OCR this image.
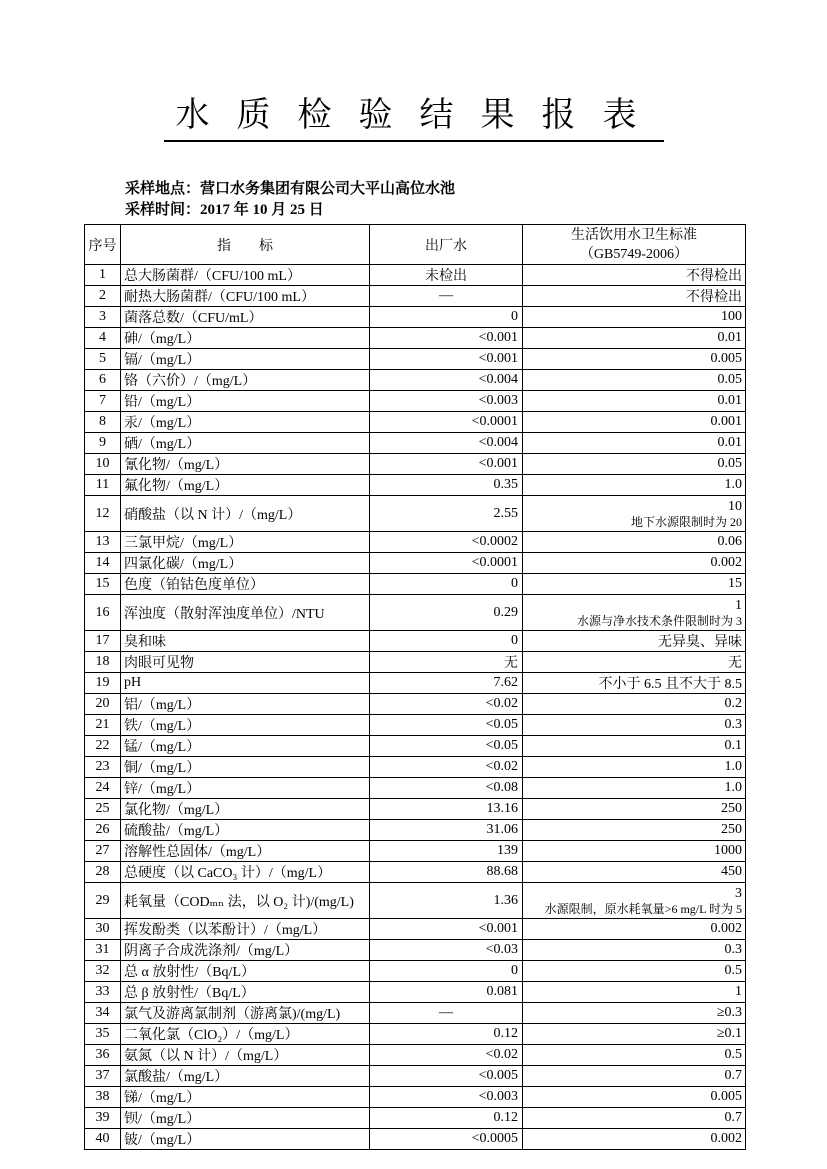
水质检验结果报表
采样地点：营口水务集团有限公司大平山高位水池
采样时间：2017 年 10 月 25 日
序号	指　　标	出厂水	生活饮用水卫生标准
（GB5749-2006）

1	总大肠菌群/（CFU/100 mL）	未检出	不得检出
2	耐热大肠菌群/（CFU/100 mL）	—	不得检出
3	菌落总数/（CFU/mL）	0	100
4	砷/（mg/L）	<0.001	0.01
5	镉/（mg/L）	<0.001	0.005
6	铬（六价）/（mg/L）	<0.004	0.05
7	铅/（mg/L）	<0.003	0.01
8	汞/（mg/L）	<0.0001	0.001
9	硒/（mg/L）	<0.004	0.01
10	氰化物/（mg/L）	<0.001	0.05
11	氟化物/（mg/L）	0.35	1.0
12	硝酸盐（以 N 计）/（mg/L）	2.55	10
地下水源限制时为 20

13	三氯甲烷/（mg/L）	<0.0002	0.06
14	四氯化碳/（mg/L）	<0.0001	0.002
15	色度（铂钴色度单位）	0	15
16	浑浊度（散射浑浊度单位）/NTU	0.29	1
水源与净水技术条件限制时为 3

17	臭和味	0	无异臭、异味
18	肉眼可见物	无	无
19	pH	7.62	不小于 6.5 且不大于 8.5
20	铝/（mg/L）	<0.02	0.2
21	铁/（mg/L）	<0.05	0.3
22	锰/（mg/L）	<0.05	0.1
23	铜/（mg/L）	<0.02	1.0
24	锌/（mg/L）	<0.08	1.0
25	氯化物/（mg/L）	13.16	250
26	硫酸盐/（mg/L）	31.06	250
27	溶解性总固体/（mg/L）	139	1000
28	总硬度（以 CaCO₃ 计）/（mg/L）	88.68	450
29	耗氧量（CODₘₙ 法，以 O₂ 计)/(mg/L)	1.36	3
水源限制，原水耗氧量>6 mg/L 时为 5

30	挥发酚类（以苯酚计）/（mg/L）	<0.001	0.002
31	阴离子合成洗涤剂/（mg/L）	<0.03	0.3
32	总 α 放射性/（Bq/L）	0	0.5
33	总 β 放射性/（Bq/L）	0.081	1
34	氯气及游离氯制剂（游离氯)/(mg/L)	—	≥0.3
35	二氧化氯（ClO₂）/（mg/L）	0.12	≥0.1
36	氨氮（以 N 计）/（mg/L）	<0.02	0.5
37	氯酸盐/（mg/L）	<0.005	0.7
38	锑/（mg/L）	<0.003	0.005
39	钡/（mg/L）	0.12	0.7
40	铍/（mg/L）	<0.0005	0.002
